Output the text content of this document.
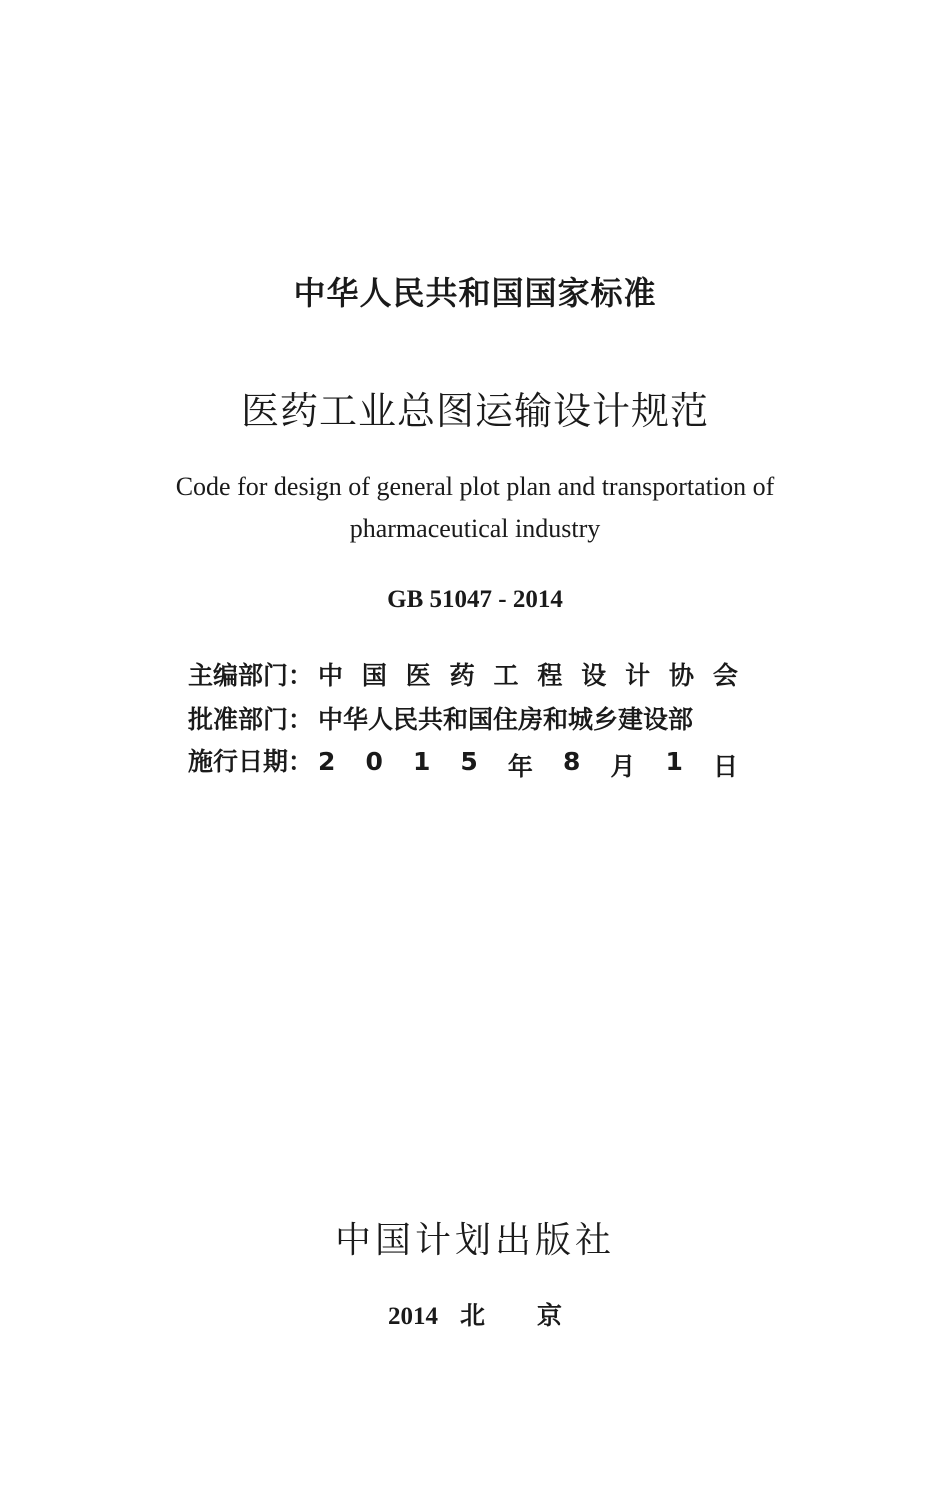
中华人民共和国国家标准
医药工业总图运输设计规范
Code for design of general plot plan and transportation of pharmaceutical industry
GB 51047 - 2014
主编部门： 中 国 医 药 工 程 设 计 协 会
批准部门： 中华人民共和国住房和城乡建设部
施行日期： 2 0 1 5 年 8 月 1 日
中国计划出版社
2014 北 京
